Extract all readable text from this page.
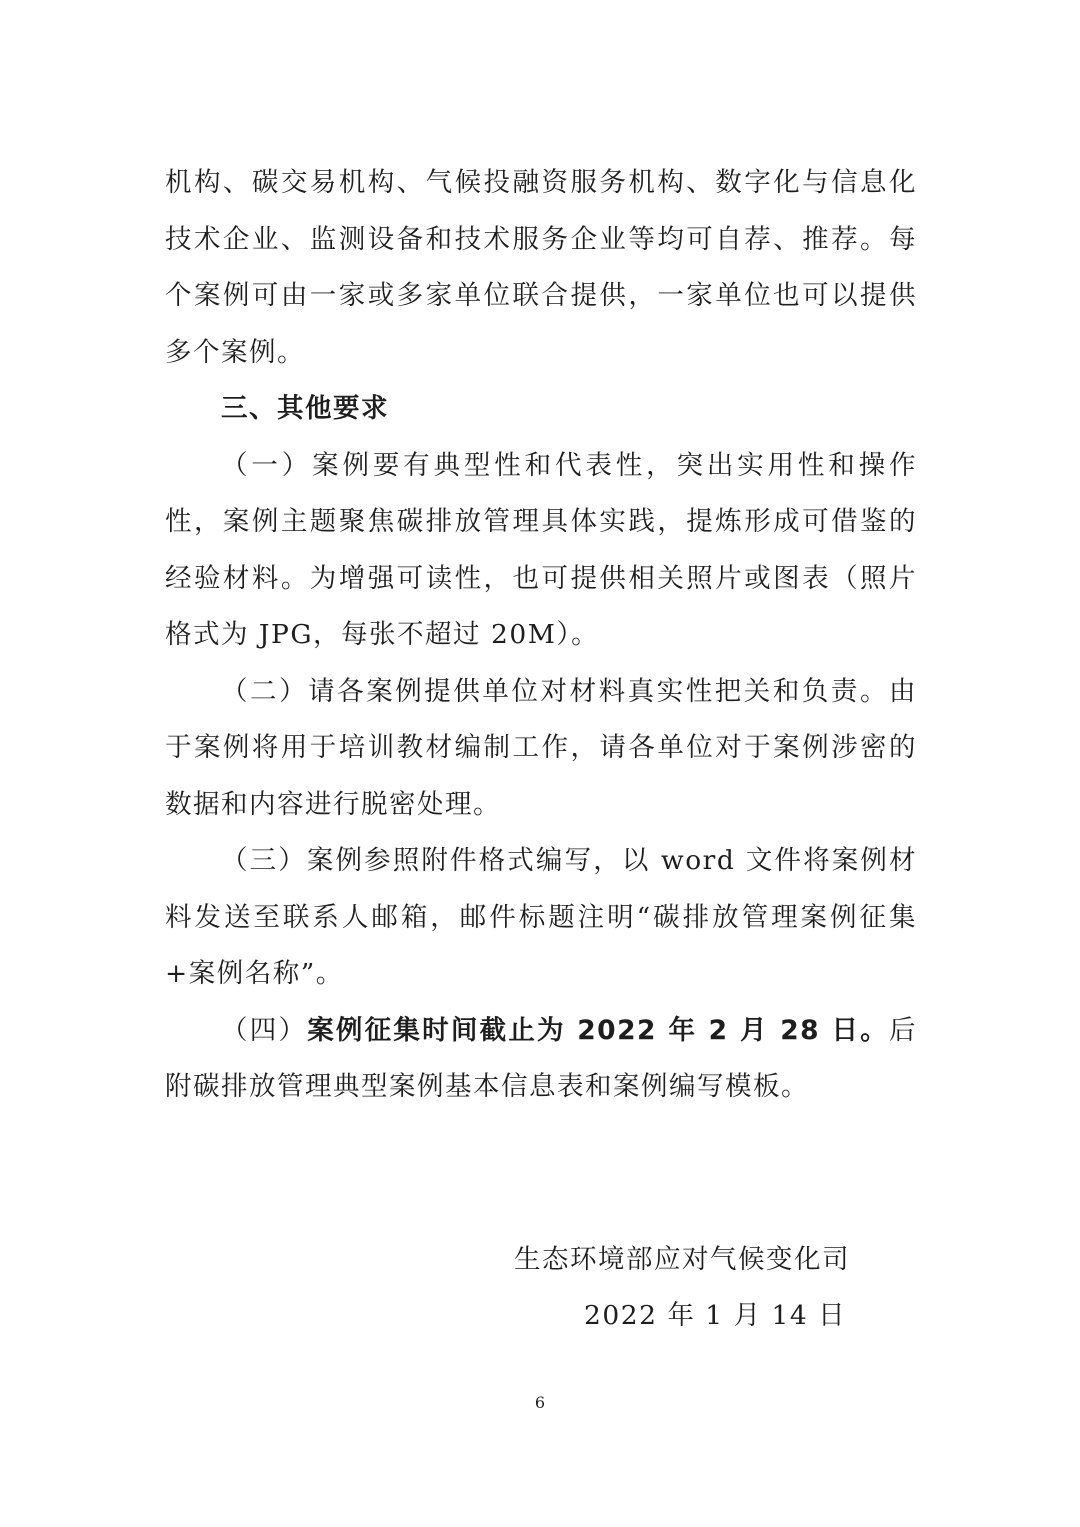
机构、碳交易机构、气候投融资服务机构、数字化与信息化技术企业、监测设备和技术服务企业等均可自荐、推荐。每个案例可由一家或多家单位联合提供，一家单位也可以提供多个案例。

三、其他要求

（一）案例要有典型性和代表性，突出实用性和操作性，案例主题聚焦碳排放管理具体实践，提炼形成可借鉴的经验材料。为增强可读性，也可提供相关照片或图表（照片格式为 JPG，每张不超过 20M）。

（二）请各案例提供单位对材料真实性把关和负责。由于案例将用于培训教材编制工作，请各单位对于案例涉密的数据和内容进行脱密处理。

（三）案例参照附件格式编写，以 word 文件将案例材料发送至联系人邮箱，邮件标题注明“碳排放管理案例征集+案例名称”。

（四）案例征集时间截止为 2022 年 2 月 28 日。后附碳排放管理典型案例基本信息表和案例编写模板。

生态环境部应对气候变化司
2022 年 1 月 14 日
6
